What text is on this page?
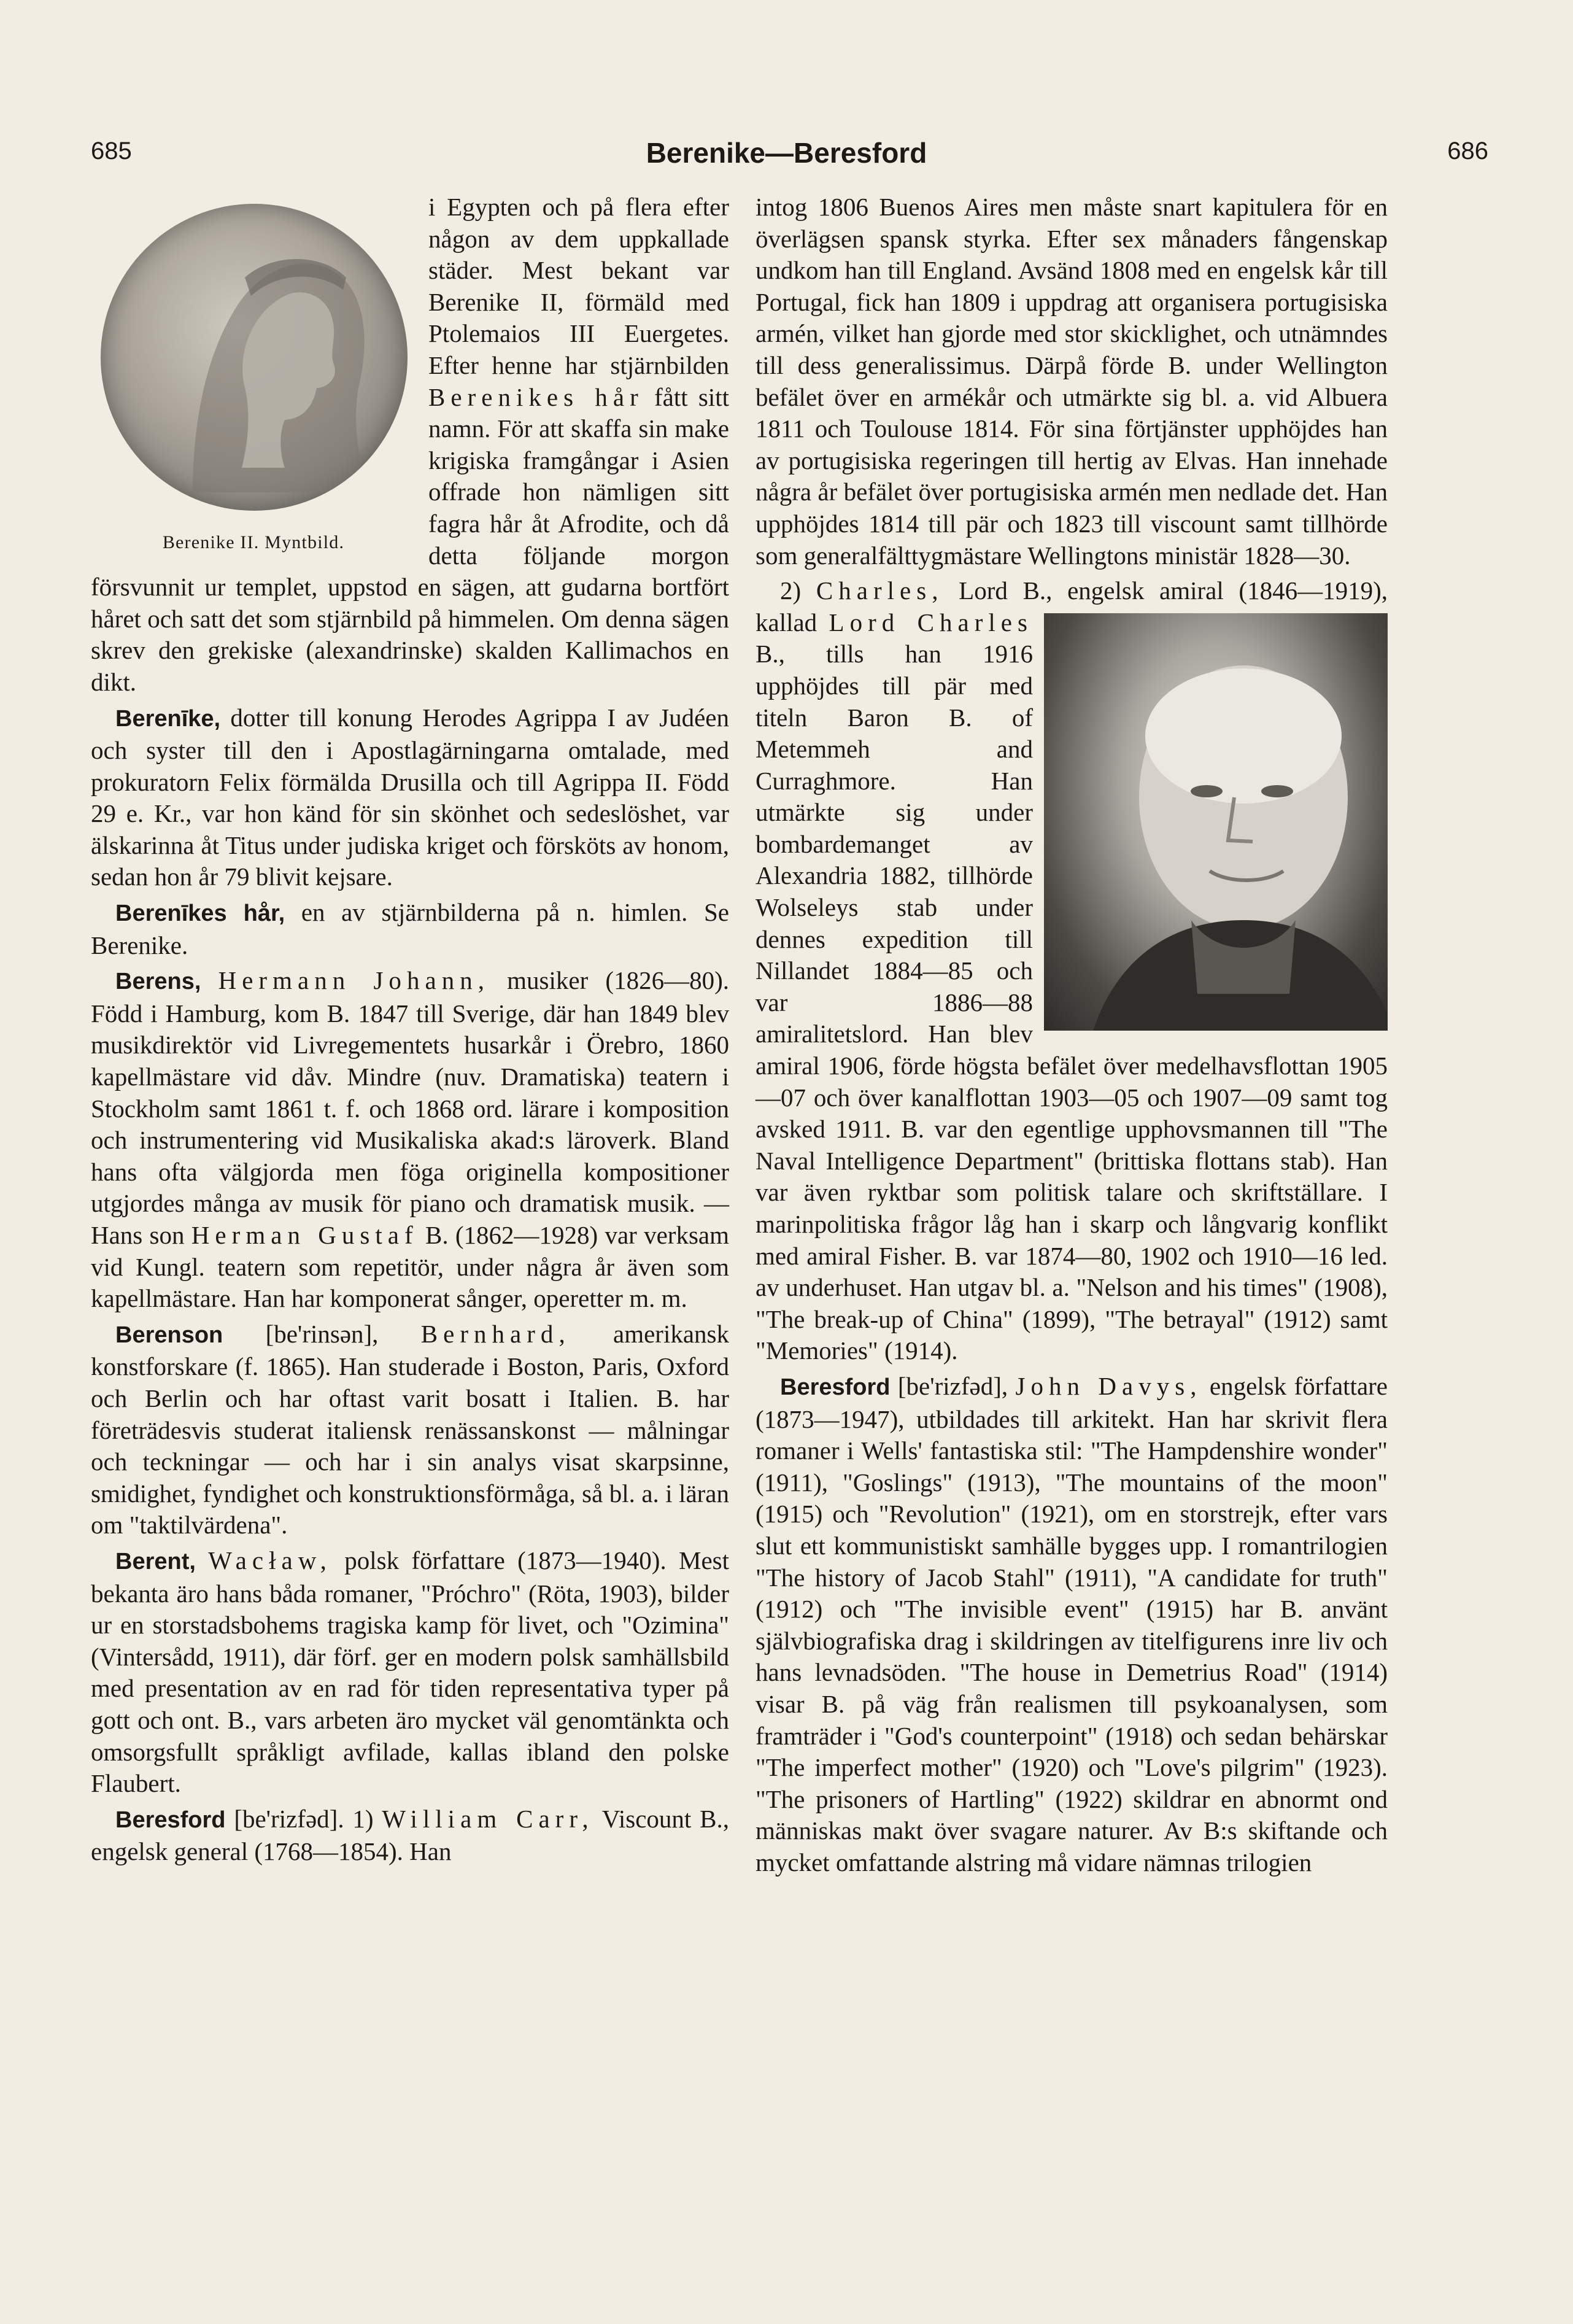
685	Berenike—Beresford	686
Berenike II. Myntbild.

i Egypten och på flera efter någon av dem uppkallade städer. Mest bekant var Berenike II, förmäld med Ptolemaios III Euergetes. Efter henne har stjärnbilden Berenikes hår fått sitt namn. För att skaffa sin make krigiska framgångar i Asien offrade hon nämligen sitt fagra hår åt Afrodite, och då detta följande morgon försvunnit ur templet, uppstod en sägen, att gudarna bortfört håret och satt det som stjärnbild på himmelen. Om denna sägen skrev den grekiske (alexandrinske) skalden Kallimachos en dikt.

Berenīke, dotter till konung Herodes Agrippa I av Judéen och syster till den i Apostlagärningarna omtalade, med prokuratorn Felix förmälda Drusilla och till Agrippa II. Född 29 e. Kr., var hon känd för sin skönhet och sedeslöshet, var älskarinna åt Titus under judiska kriget och försköts av honom, sedan hon år 79 blivit kejsare.

Berenīkes hår, en av stjärnbilderna på n. himlen. Se Berenike.

Berens, Hermann Johann, musiker (1826—80). Född i Hamburg, kom B. 1847 till Sverige, där han 1849 blev musikdirektör vid Livregementets husarkår i Örebro, 1860 kapellmästare vid dåv. Mindre (nuv. Dramatiska) teatern i Stockholm samt 1861 t. f. och 1868 ord. lärare i komposition och instrumentering vid Musikaliska akad:s läroverk. Bland hans ofta välgjorda men föga originella kompositioner utgjordes många av musik för piano och dramatisk musik. — Hans son Herman Gustaf B. (1862—1928) var verksam vid Kungl. teatern som repetitör, under några år även som kapellmästare. Han har komponerat sånger, operetter m. m.

Berenson [be'rinsən], Bernhard, amerikansk konstforskare (f. 1865). Han studerade i Boston, Paris, Oxford och Berlin och har oftast varit bosatt i Italien. B. har företrädesvis studerat italiensk renässanskonst — målningar och teckningar — och har i sin analys visat skarpsinne, smidighet, fyndighet och konstruktionsförmåga, så bl. a. i läran om "taktilvärdena".

Berent, Wacław, polsk författare (1873—1940). Mest bekanta äro hans båda romaner, "Próchro" (Röta, 1903), bilder ur en storstadsbohems tragiska kamp för livet, och "Ozimina" (Vintersådd, 1911), där förf. ger en modern polsk samhällsbild med presentation av en rad för tiden representativa typer på gott och ont. B., vars arbeten äro mycket väl genomtänkta och omsorgsfullt språkligt avfilade, kallas ibland den polske Flaubert.

Beresford [be'rizfəd]. 1) William Carr, Viscount B., engelsk general (1768—1854). Han

intog 1806 Buenos Aires men måste snart kapitulera för en överlägsen spansk styrka. Efter sex månaders fångenskap undkom han till England. Avsänd 1808 med en engelsk kår till Portugal, fick han 1809 i uppdrag att organisera portugisiska armén, vilket han gjorde med stor skicklighet, och utnämndes till dess generalissimus. Därpå förde B. under Wellington befälet över en armékår och utmärkte sig bl. a. vid Albuera 1811 och Toulouse 1814. För sina förtjänster upphöjdes han av portugisiska regeringen till hertig av Elvas. Han innehade några år befälet över portugisiska armén men nedlade det. Han upphöjdes 1814 till pär och 1823 till viscount samt tillhörde som generalfälttygmästare Wellingtons ministär 1828—30.

2) Charles, Lord B., engelsk amiral (1846—1919), kallad Lord Charles
B., tills han 1916 upphöjdes till pär med titeln Baron B. of Metemmeh and Curraghmore. Han utmärkte sig under bombardemanget av Alexandria 1882, tillhörde Wolseleys stab under dennes expedition till Nillandet 1884—85 och var 1886—88 amiralitetslord. Han blev amiral 1906, förde högsta befälet över medelhavsflottan 1905—07 och över kanalflottan 1903—05 och 1907—09 samt tog avsked 1911. B. var den egentlige upphovsmannen till "The Naval Intelligence Department" (brittiska flottans stab). Han var även ryktbar som politisk talare och skriftställare. I marinpolitiska frågor låg han i skarp och långvarig konflikt med amiral Fisher. B. var 1874—80, 1902 och 1910—16 led. av underhuset. Han utgav bl. a. "Nelson and his times" (1908), "The break-up of China" (1899), "The betrayal" (1912) samt "Memories" (1914).

Beresford [be'rizfəd], John Davys, engelsk författare (1873—1947), utbildades till arkitekt. Han har skrivit flera romaner i Wells' fantastiska stil: "The Hampdenshire wonder" (1911), "Goslings" (1913), "The mountains of the moon" (1915) och "Revolution" (1921), om en storstrejk, efter vars slut ett kommunistiskt samhälle bygges upp. I romantrilogien "The history of Jacob Stahl" (1911), "A candidate for truth" (1912) och "The invisible event" (1915) har B. använt självbiografiska drag i skildringen av titelfigurens inre liv och hans levnadsöden. "The house in Demetrius Road" (1914) visar B. på väg från realismen till psykoanalysen, som framträder i "God's counterpoint" (1918) och sedan behärskar "The imperfect mother" (1920) och "Love's pilgrim" (1923). "The prisoners of Hartling" (1922) skildrar en abnormt ond människas makt över svagare naturer. Av B:s skiftande och mycket omfattande alstring må vidare nämnas trilogien
